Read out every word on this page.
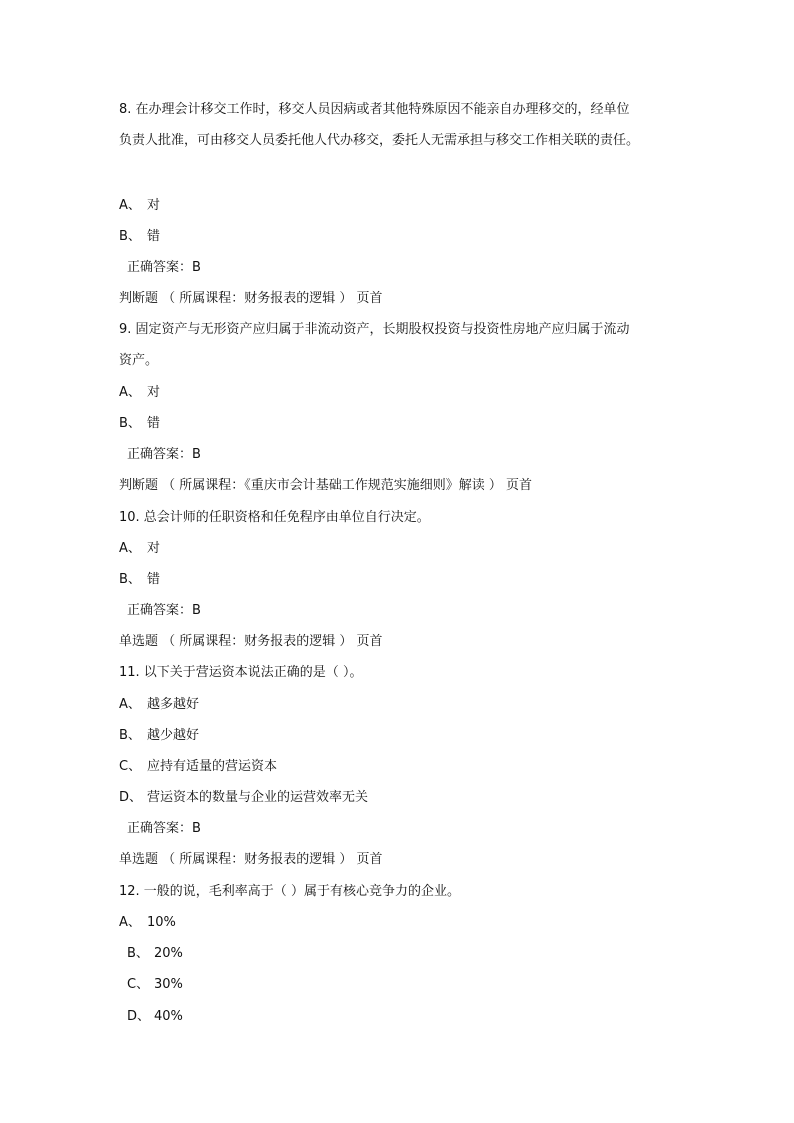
8. 在办理会计移交工作时，移交人员因病或者其他特殊原因不能亲自办理移交的，经单位
负责人批准，可由移交人员委托他人代办移交，委托人无需承担与移交工作相关联的责任。
A、 对
B、 错
正确答案：B
判断题 （ 所属课程：财务报表的逻辑 ） 页首
9. 固定资产与无形资产应归属于非流动资产，长期股权投资与投资性房地产应归属于流动
资产。
A、 对
B、 错
正确答案：B
判断题 （ 所属课程：《重庆市会计基础工作规范实施细则》解读 ） 页首
10. 总会计师的任职资格和任免程序由单位自行决定。
A、 对
B、 错
正确答案：B
单选题 （ 所属课程：财务报表的逻辑 ） 页首
11. 以下关于营运资本说法正确的是（ ）。
A、 越多越好
B、 越少越好
C、 应持有适量的营运资本
D、 营运资本的数量与企业的运营效率无关
正确答案：B
单选题 （ 所属课程：财务报表的逻辑 ） 页首
12. 一般的说，毛利率高于（ ）属于有核心竞争力的企业。
A、 10%
B、 20%
C、 30%
D、 40%
